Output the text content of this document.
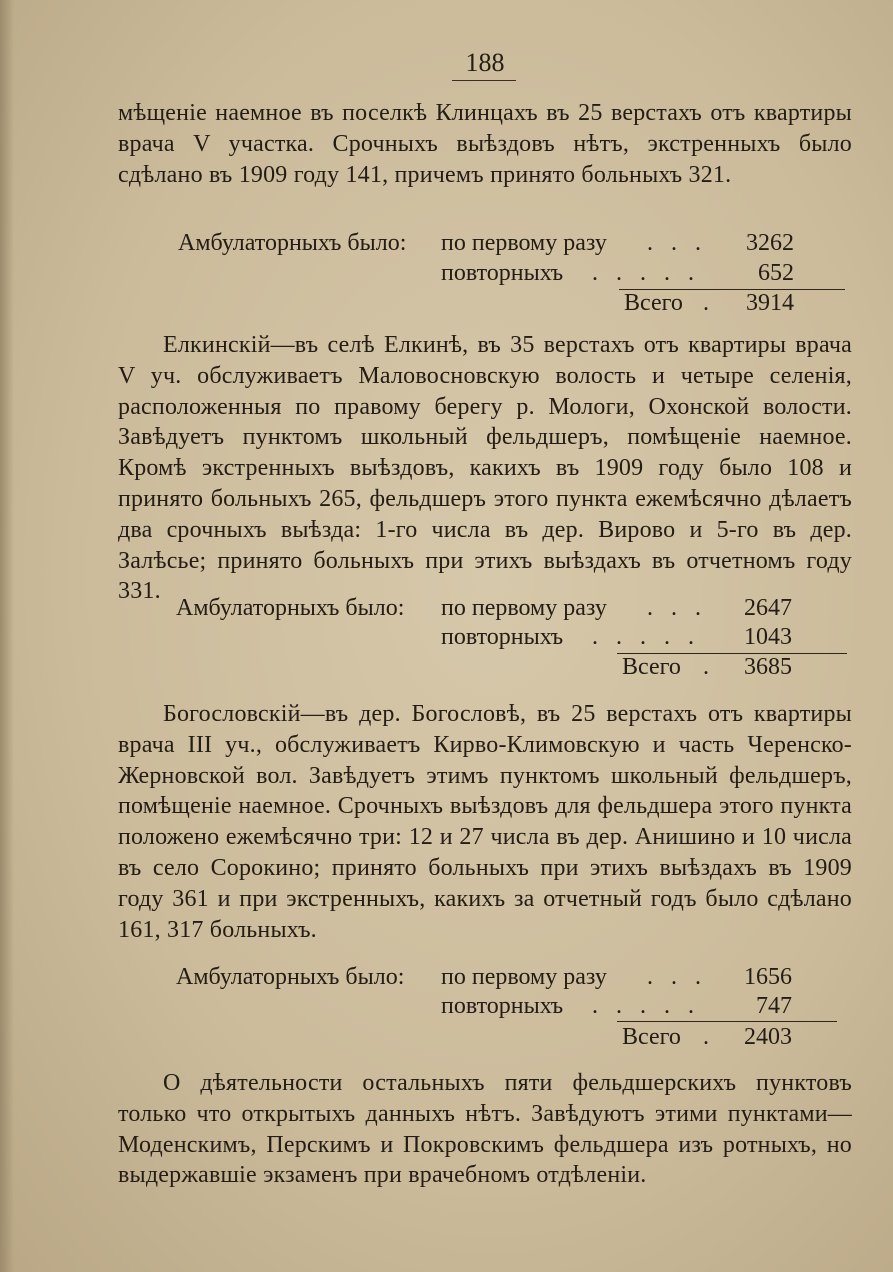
188

мѣщеніе наемное въ поселкѣ Клинцахъ въ 25 верстахъ отъ квартиры врача V участка. Срочныхъ выѣздовъ нѣтъ, экстренныхъ было сдѣлано въ 1909 году 141, причемъ принято больныхъ 321.

Амбулаторныхъ было: по первому разу . . .	3262
повторныхъ . . . . .	652
Всего .	3914

Елкинскій—въ селѣ Елкинѣ, въ 35 верстахъ отъ квартиры врача V уч. обслуживаетъ Маловосновскую волость и четыре селенія, расположенныя по правому берегу р. Мологи, Охонской волости. Завѣдуетъ пунктомъ школьный фельдшеръ, помѣщеніе наемное. Кромѣ экстренныхъ выѣздовъ, какихъ въ 1909 году было 108 и принято больныхъ 265, фельдшеръ этого пункта ежемѣсячно дѣлаетъ два срочныхъ выѣзда: 1-го числа въ дер. Вирово и 5-го въ дер. Залѣсье; принято больныхъ при этихъ выѣздахъ въ отчетномъ году 331.

Амбулаторныхъ было: по первому разу . . .	2647
повторныхъ . . . . .	1043
Всего .	3685

Богословскій—въ дер. Богословѣ, въ 25 верстахъ отъ квартиры врача III уч., обслуживаетъ Кирво-Климовскую и часть Черенско-Жерновской вол. Завѣдуетъ этимъ пунктомъ школьный фельдшеръ, помѣщеніе наемное. Срочныхъ выѣздовъ для фельдшера этого пункта положено ежемѣсячно три: 12 и 27 числа въ дер. Анишино и 10 числа въ село Сорокино; принято больныхъ при этихъ выѣздахъ въ 1909 году 361 и при экстренныхъ, какихъ за отчетный годъ было сдѣлано 161, 317 больныхъ.

Амбулаторныхъ было: по первому разу . . .	1656
повторныхъ . . . . .	747
Всего .	2403

О дѣятельности остальныхъ пяти фельдшерскихъ пунктовъ только что открытыхъ данныхъ нѣтъ. Завѣдуютъ этими пунктами—Моденскимъ, Перскимъ и Покровскимъ фельдшера изъ ротныхъ, но выдержавшіе экзаменъ при врачебномъ отдѣленіи.
